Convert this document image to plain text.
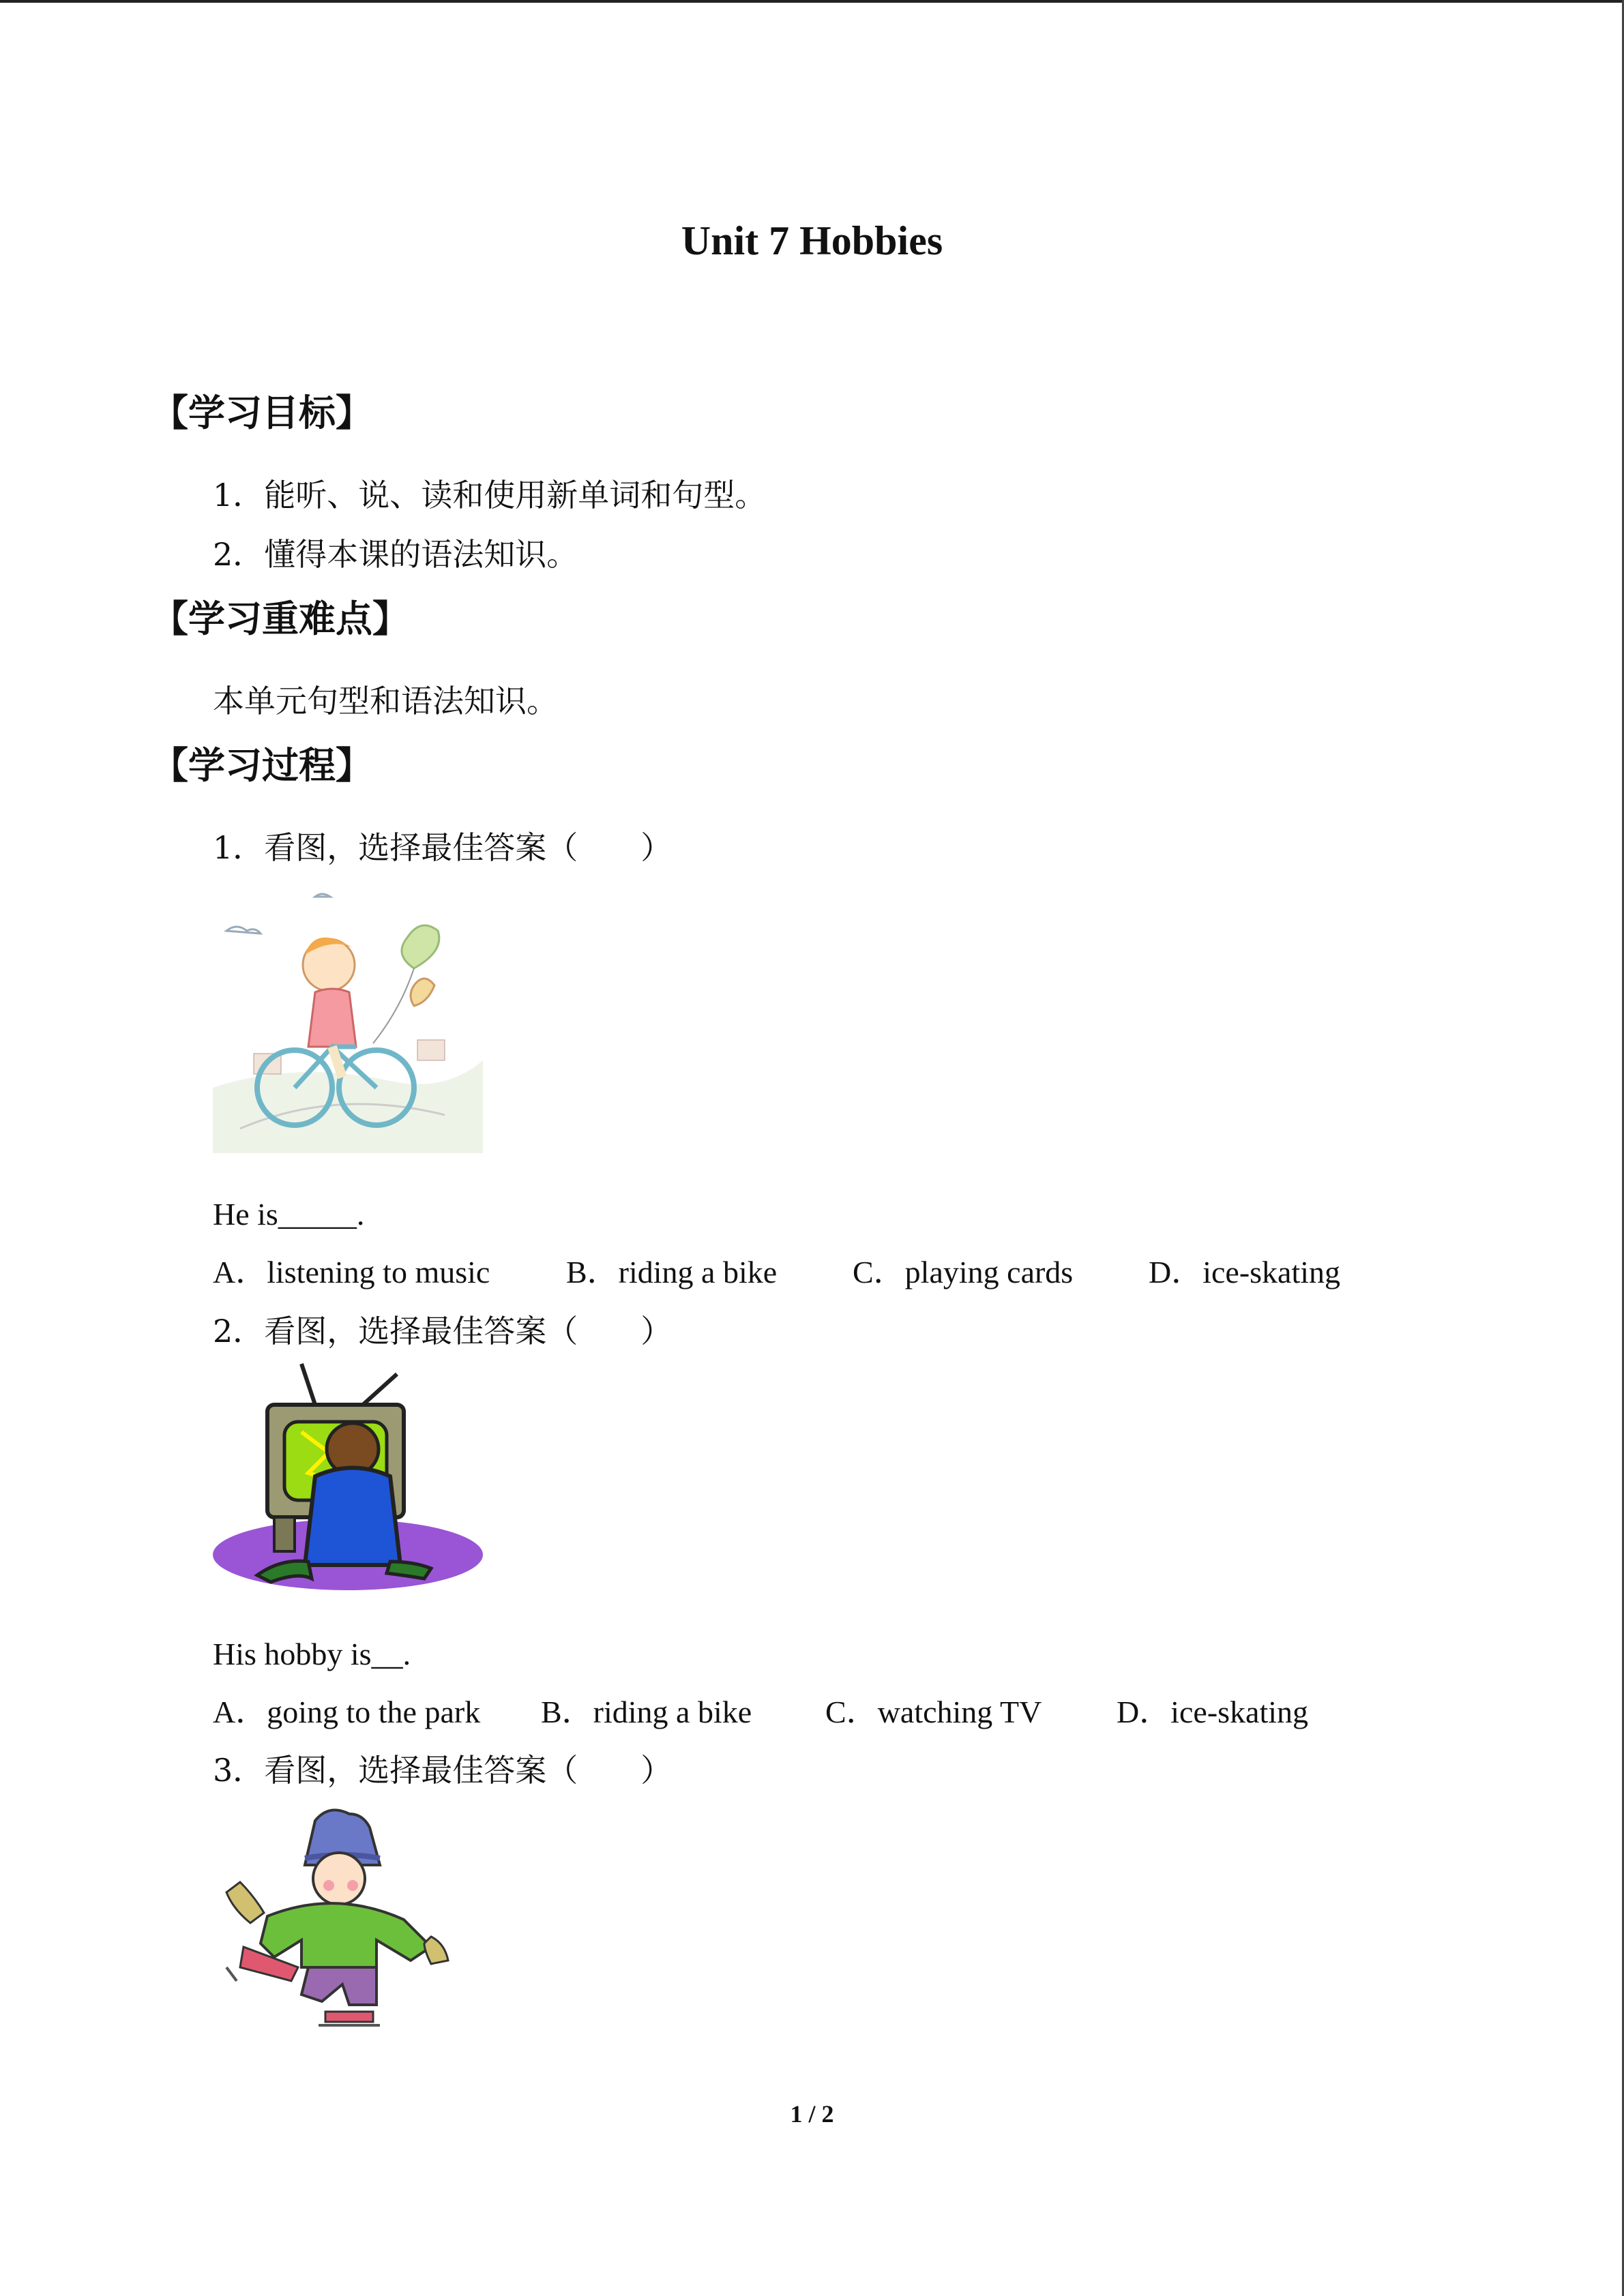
Unit 7 Hobbies
【学习目标】
1．能听、说、读和使用新单词和句型。
2．懂得本课的语法知识。
【学习重难点】
本单元句型和语法知识。
【学习过程】
1．看图，选择最佳答案（　　）
He is_____.
A．listening to music B．riding a bike C．playing cards D．ice-skating
2．看图，选择最佳答案（　　）
His hobby is__.
A．going to the park B．riding a bike C．watching TV D．ice-skating
3．看图，选择最佳答案（　　）
1 / 2
